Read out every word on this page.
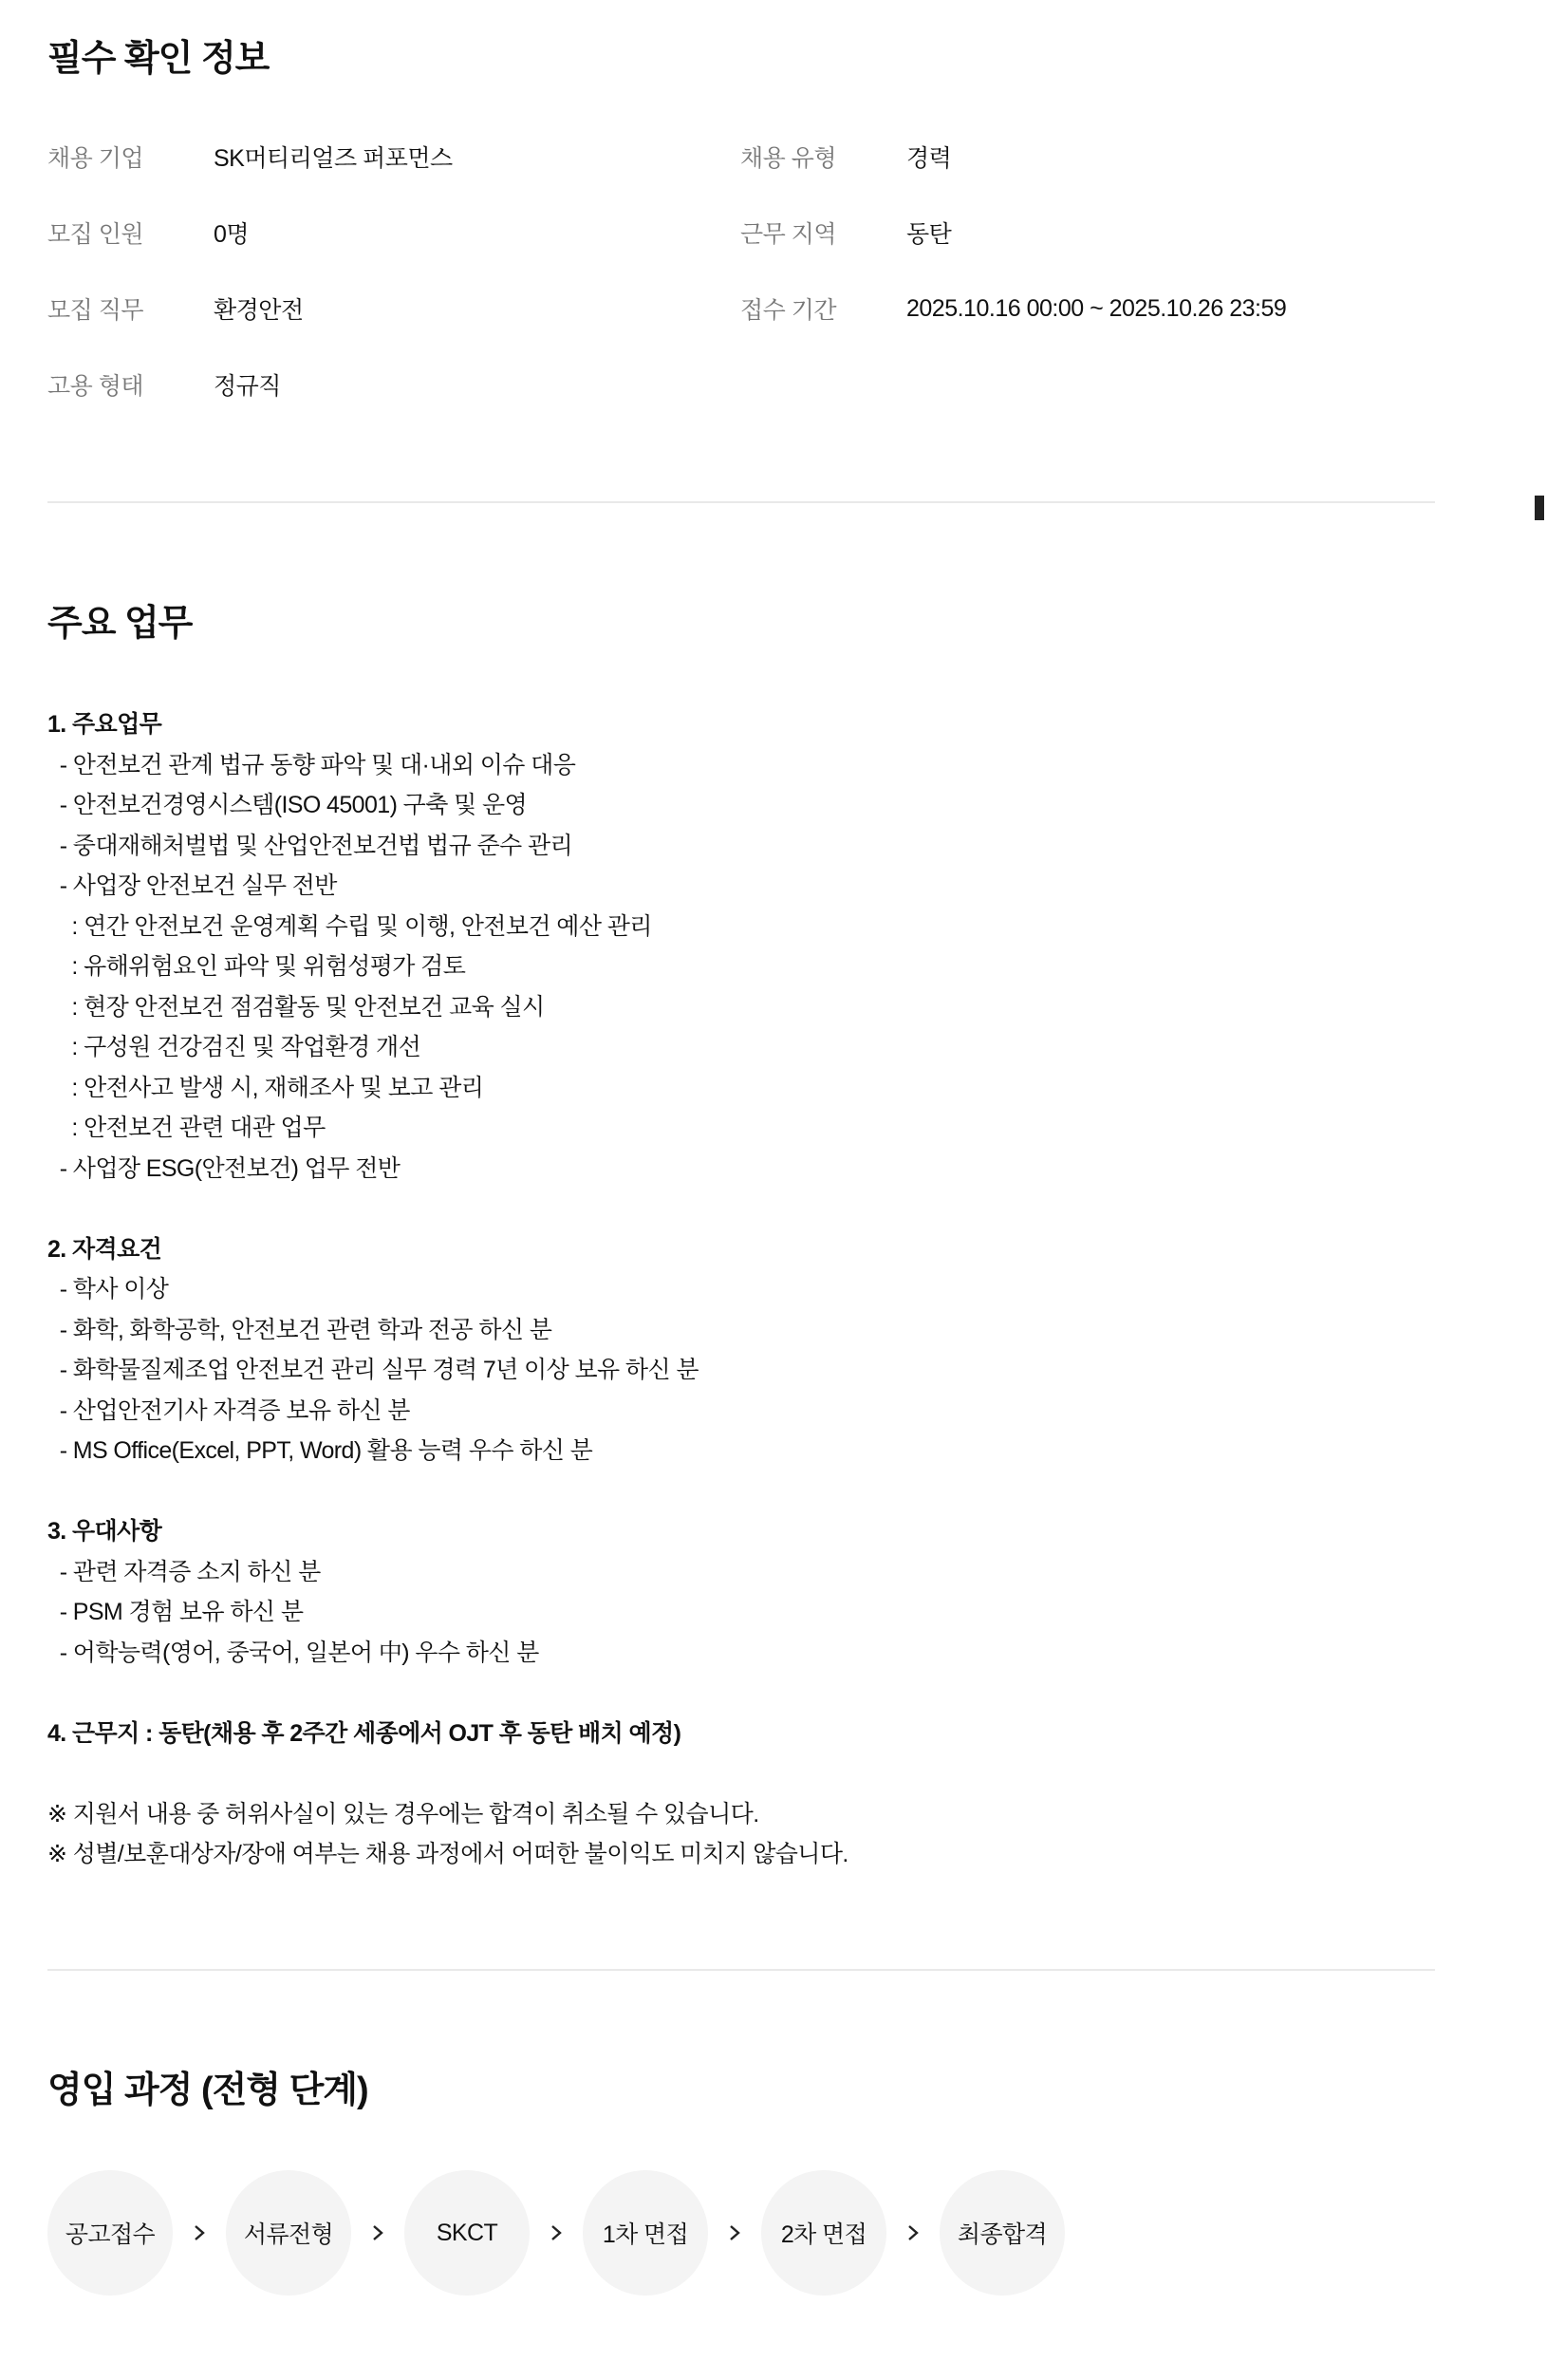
필수 확인 정보
채용 기업	SK머티리얼즈 퍼포먼스	채용 유형	경력
모집 인원	0명	근무 지역	동탄
모집 직무	환경안전	접수 기간	2025.10.16 00:00 ~ 2025.10.26 23:59
고용 형태	정규직
주요 업무
1. 주요업무
- 안전보건 관계 법규 동향 파악 및 대·내외 이슈 대응
- 안전보건경영시스템(ISO 45001) 구축 및 운영
- 중대재해처벌법 및 산업안전보건법 법규 준수 관리
- 사업장 안전보건 실무 전반
: 연간 안전보건 운영계획 수립 및 이행, 안전보건 예산 관리
: 유해위험요인 파악 및 위험성평가 검토
: 현장 안전보건 점검활동 및 안전보건 교육 실시
: 구성원 건강검진 및 작업환경 개선
: 안전사고 발생 시, 재해조사 및 보고 관리
: 안전보건 관련 대관 업무
- 사업장 ESG(안전보건) 업무 전반
2. 자격요건
- 학사 이상
- 화학, 화학공학, 안전보건 관련 학과 전공 하신 분
- 화학물질제조업 안전보건 관리 실무 경력 7년 이상 보유 하신 분
- 산업안전기사 자격증 보유 하신 분
- MS Office(Excel, PPT, Word) 활용 능력 우수 하신 분
3. 우대사항
- 관련 자격증 소지 하신 분
- PSM 경험 보유 하신 분
- 어학능력(영어, 중국어, 일본어 中) 우수 하신 분
4. 근무지 : 동탄(채용 후 2주간 세종에서 OJT 후 동탄 배치 예정)
※ 지원서 내용 중 허위사실이 있는 경우에는 합격이 취소될 수 있습니다.
※ 성별/보훈대상자/장애 여부는 채용 과정에서 어떠한 불이익도 미치지 않습니다.
영입 과정 (전형 단계)
공고접수	서류전형	SKCT	1차 면접	2차 면접	최종합격
